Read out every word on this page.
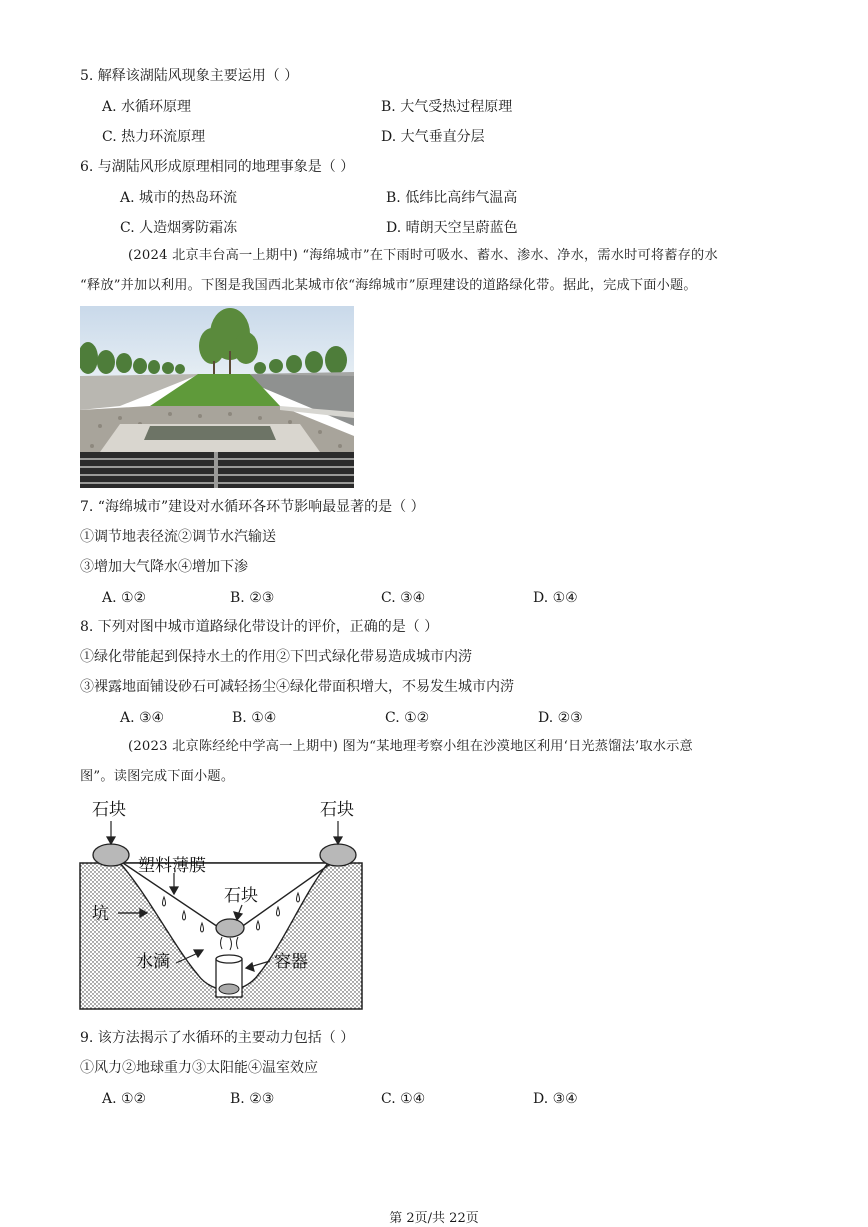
5. 解释该湖陆风现象主要运用（ ）
A. 水循环原理	B. 大气受热过程原理
C. 热力环流原理	D. 大气垂直分层
6. 与湖陆风形成原理相同的地理事象是（ ）
A. 城市的热岛环流	B. 低纬比高纬气温高
C. 人造烟雾防霜冻	D. 晴朗天空呈蔚蓝色

(2024 北京丰台高一上期中) “海绵城市”在下雨时可吸水、蓄水、渗水、净水，需水时可将蓄存的水

“释放”并加以利用。下图是我国西北某城市依“海绵城市”原理建设的道路绿化带。据此，完成下面小题。

7. “海绵城市”建设对水循环各环节影响最显著的是（ ）
①调节地表径流②调节水汽输送
③增加大气降水④增加下渗
A. ①②	B. ②③	C. ③④	D. ①④
8. 下列对图中城市道路绿化带设计的评价，正确的是（ ）
①绿化带能起到保持水土的作用②下凹式绿化带易造成城市内涝
③裸露地面铺设砂石可减轻扬尘④绿化带面积增大，不易发生城市内涝
A. ③④	B. ①④	C. ①②	D. ②③

(2023 北京陈经纶中学高一上期中) 图为“某地理考察小组在沙漠地区利用‘日光蒸馏法’取水示意

图”。读图完成下面小题。

石块	石块
塑料薄膜
石块
坑
水滴	容器
9. 该方法揭示了水循环的主要动力包括（ ）
①风力②地球重力③太阳能④温室效应
A. ①②	B. ②③	C. ①④	D. ③④
第 2页/共 22页
